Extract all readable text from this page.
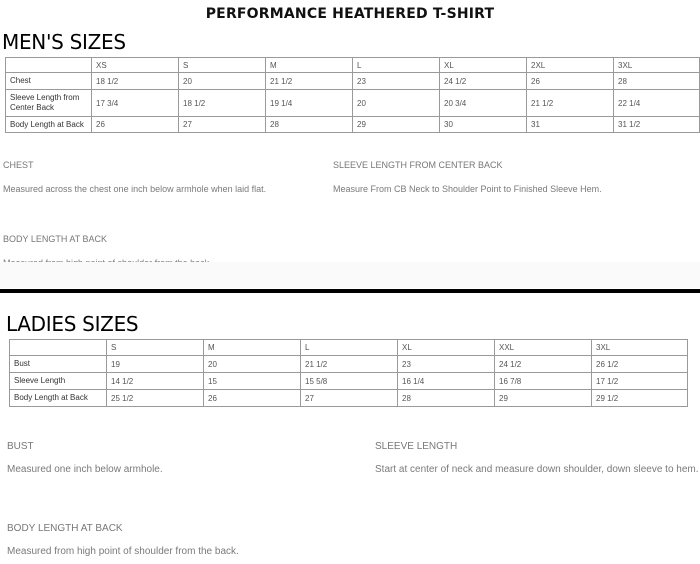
PERFORMANCE HEATHERED T-SHIRT
MEN'S SIZES
	XS	S	M	L	XL	2XL	3XL
Chest	18 1/2	20	21 1/2	23	24 1/2	26	28
Sleeve Length from Center Back	17 3/4	18 1/2	19 1/4	20	20 3/4	21 1/2	22 1/4
Body Length at Back	26	27	28	29	30	31	31 1/2
CHEST
Measured across the chest one inch below armhole when laid flat.
SLEEVE LENGTH FROM CENTER BACK
Measure From CB Neck to Shoulder Point to Finished Sleeve Hem.
BODY LENGTH AT BACK
LADIES SIZES
	S	M	L	XL	XXL	3XL
Bust	19	20	21 1/2	23	24 1/2	26 1/2
Sleeve Length	14 1/2	15	15 5/8	16 1/4	16 7/8	17 1/2
Body Length at Back	25 1/2	26	27	28	29	29 1/2
BUST
Measured one inch below armhole.
SLEEVE LENGTH
Start at center of neck and measure down shoulder, down sleeve to hem.
BODY LENGTH AT BACK
Measured from high point of shoulder from the back.
